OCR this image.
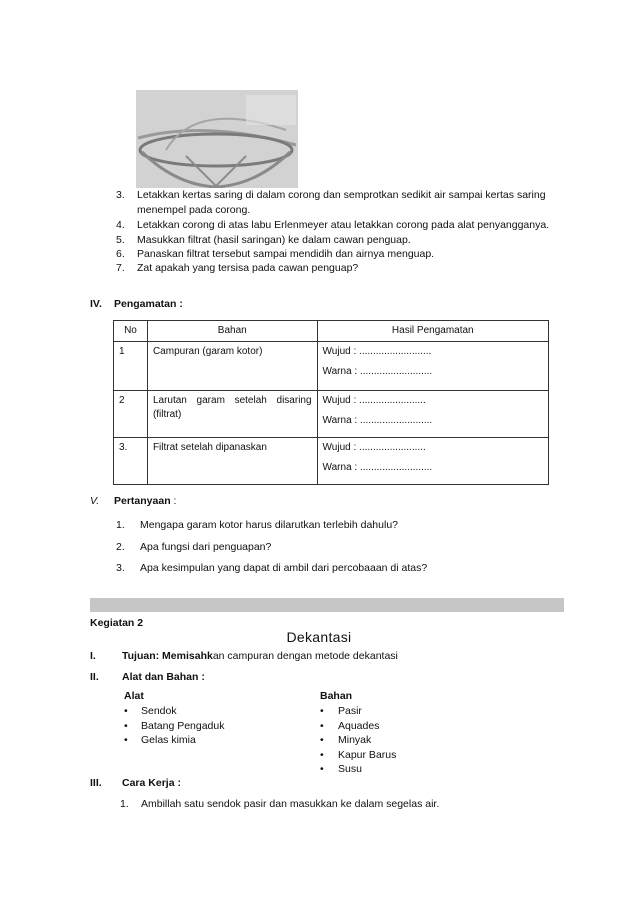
3. Letakkan kertas saring di dalam corong dan semprotkan sedikit air sampai kertas saring
menempel pada corong.
4. Letakkan corong di atas labu Erlenmeyer atau letakkan corong pada alat penyangganya.
5. Masukkan filtrat (hasil saringan) ke dalam cawan penguap.
6. Panaskan filtrat tersebut sampai mendidih dan airnya menguap.
7. Zat apakah yang tersisa pada cawan penguap?
IV. Pengamatan :
No	Bahan	Hasil Pengamatan
1	Campuran (garam kotor)	Wujud : ..........................
Warna : ..........................

2	Larutan garam setelah disaring (filtrat)	Wujud : ........................
Warna : ..........................

3.	Filtrat setelah dipanaskan	Wujud : ........................
Warna : ..........................
V. Pertanyaan :
1. Mengapa garam kotor harus dilarutkan terlebih dahulu?
2. Apa fungsi dari penguapan?
3. Apa kesimpulan yang dapat di ambil dari percobaaan di atas?
Kegiatan 2
Dekantasi
I. Tujuan: Memisahkan campuran dengan metode dekantasi
II. Alat dan Bahan :
Alat
• Sendok
• Batang Pengaduk
• Gelas kimia
Bahan
• Pasir
• Aquades
• Minyak
• Kapur Barus
• Susu
III. Cara Kerja :
1. Ambillah satu sendok pasir dan masukkan ke dalam segelas air.
